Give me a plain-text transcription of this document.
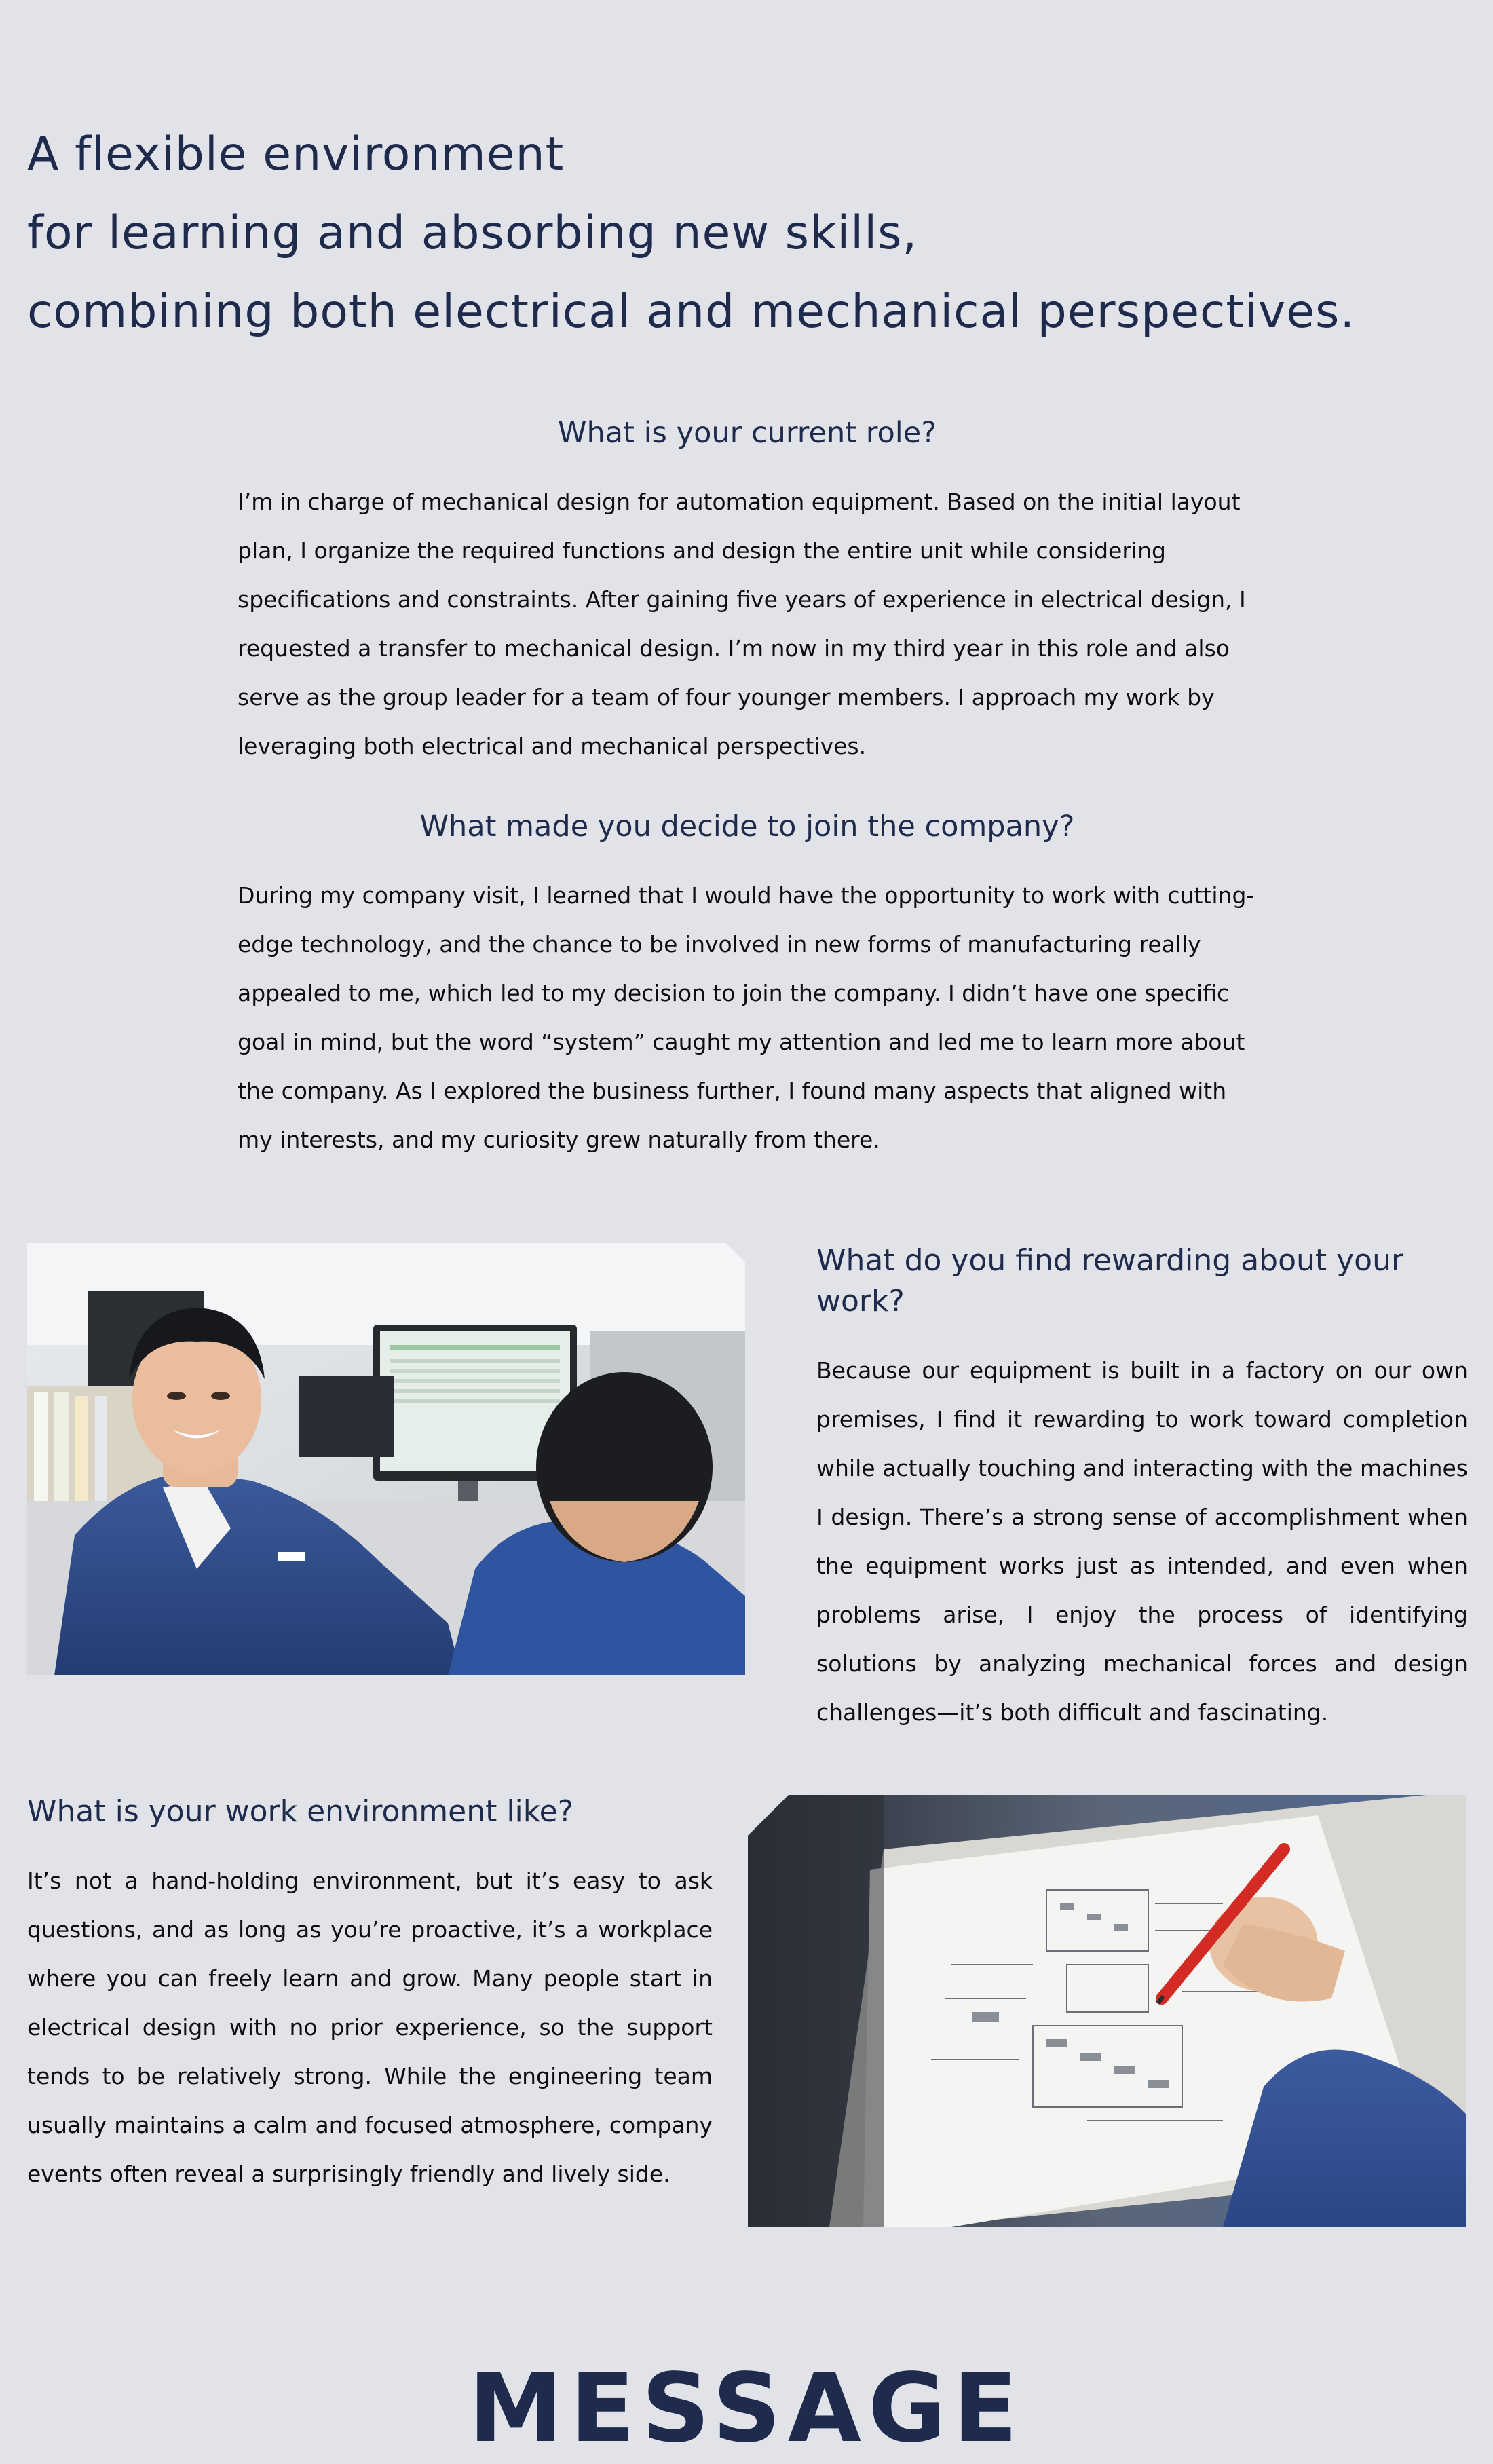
A flexible environment
for learning and absorbing new skills,
combining both electrical and mechanical perspectives.
What is your current role?

I’m in charge of mechanical design for automation equipment. Based on the initial layout plan, I organize the required functions and design the entire unit while considering specifications and constraints. After gaining five years of experience in electrical design, I requested a transfer to mechanical design. I’m now in my third year in this role and also serve as the group leader for a team of four younger members. I approach my work by leveraging both electrical and mechanical perspectives.

What made you decide to join the company?

During my company visit, I learned that I would have the opportunity to work with cutting-edge technology, and the chance to be involved in new forms of manufacturing really appealed to me, which led to my decision to join the company. I didn’t have one specific goal in mind, but the word “system” caught my attention and led me to learn more about the company. As I explored the business further, I found many aspects that aligned with my interests, and my curiosity grew naturally from there.

What do you find rewarding about your work?

Because our equipment is built in a factory on our own premises, I find it rewarding to work toward completion while actually touching and interacting with the machines I design. There’s a strong sense of accomplishment when the equipment works just as intended, and even when problems arise, I enjoy the process of identifying solutions by analyzing mechanical forces and design challenges—it’s both difficult and fascinating.

What is your work environment like?

It’s not a hand-holding environment, but it’s easy to ask questions, and as long as you’re proactive, it’s a workplace where you can freely learn and grow. Many people start in electrical design with no prior experience, so the support tends to be relatively strong. While the engineering team usually maintains a calm and focused atmosphere, company events often reveal a surprisingly friendly and lively side.

MESSAGE
